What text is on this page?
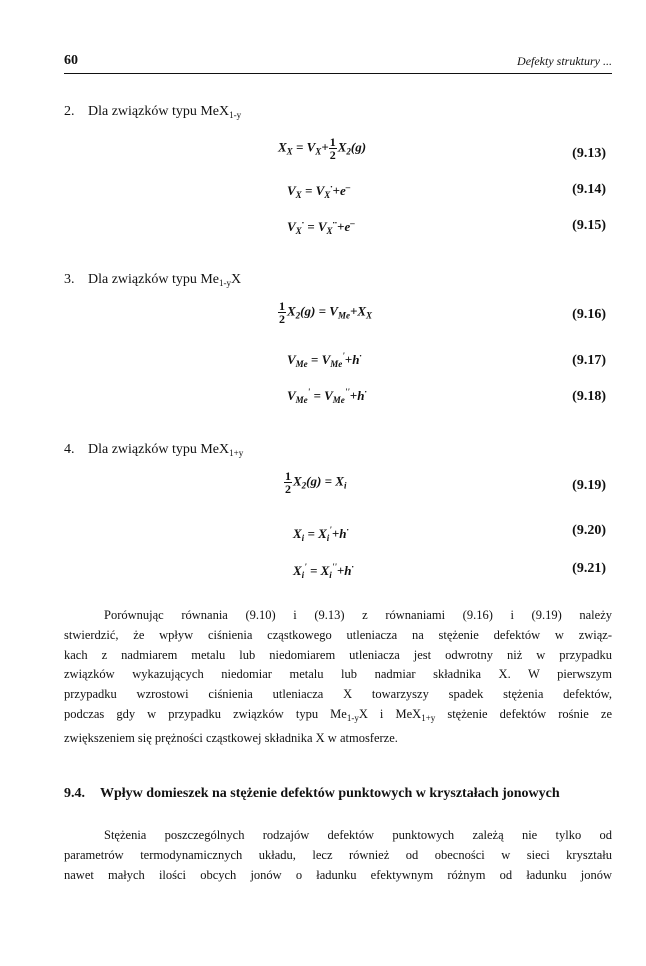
60	Defekty struktury ...
2. Dla związków typu MeX$_{1-y}$
$X_X = V_X+ \frac{1}{2} X_2(g)$	(9.13)
$V_X = V_X^\cdot+e^-$	(9.14)
$V_X^\cdot = V_X^{\cdot\cdot}+e^-$	(9.15)
3. Dla związków typu $Me_{1-y}X$
$\frac{1}{2} X_2(g) = V_{Me}+X_X$	(9.16)
$V_{Me} = V_{Me}'+h^\cdot$	(9.17)
$V_{Me}' = V_{Me}''+h^\cdot$	(9.18)
4. Dla związków typu MeX$_{1+y}$
$\frac{1}{2} X_2(g) = X_i$	(9.19)
$X_i = X_i'+h^\cdot$	(9.20)
$X_i' = X_i''+h^\cdot$	(9.21)
Porównując równania (9.10) i (9.13) z równaniami (9.16) i (9.19) należy
stwierdzić, że wpływ ciśnienia cząstkowego utleniacza na stężenie defektów w związ-
kach z nadmiarem metalu lub niedomiarem utleniacza jest odwrotny niż w przypadku
związków wykazujących niedomiar metalu lub nadmiar składnika X. W pierwszym
przypadku wzrostowi ciśnienia utleniacza X towarzyszy spadek stężenia defektów,
podczas gdy w przypadku związków typu $Me_{1-y}X$ i MeX$_{1+y}$ stężenie defektów rośnie ze
zwiększeniem się prężności cząstkowej składnika X w atmosferze.
9.4. Wpływ domieszek na stężenie defektów punktowych w kryształach jonowych
Stężenia poszczególnych rodzajów defektów punktowych zależą nie tylko od
parametrów termodynamicznych układu, lecz również od obecności w sieci kryształu
nawet małych ilości obcych jonów o ładunku efektywnym różnym od ładunku jonów
